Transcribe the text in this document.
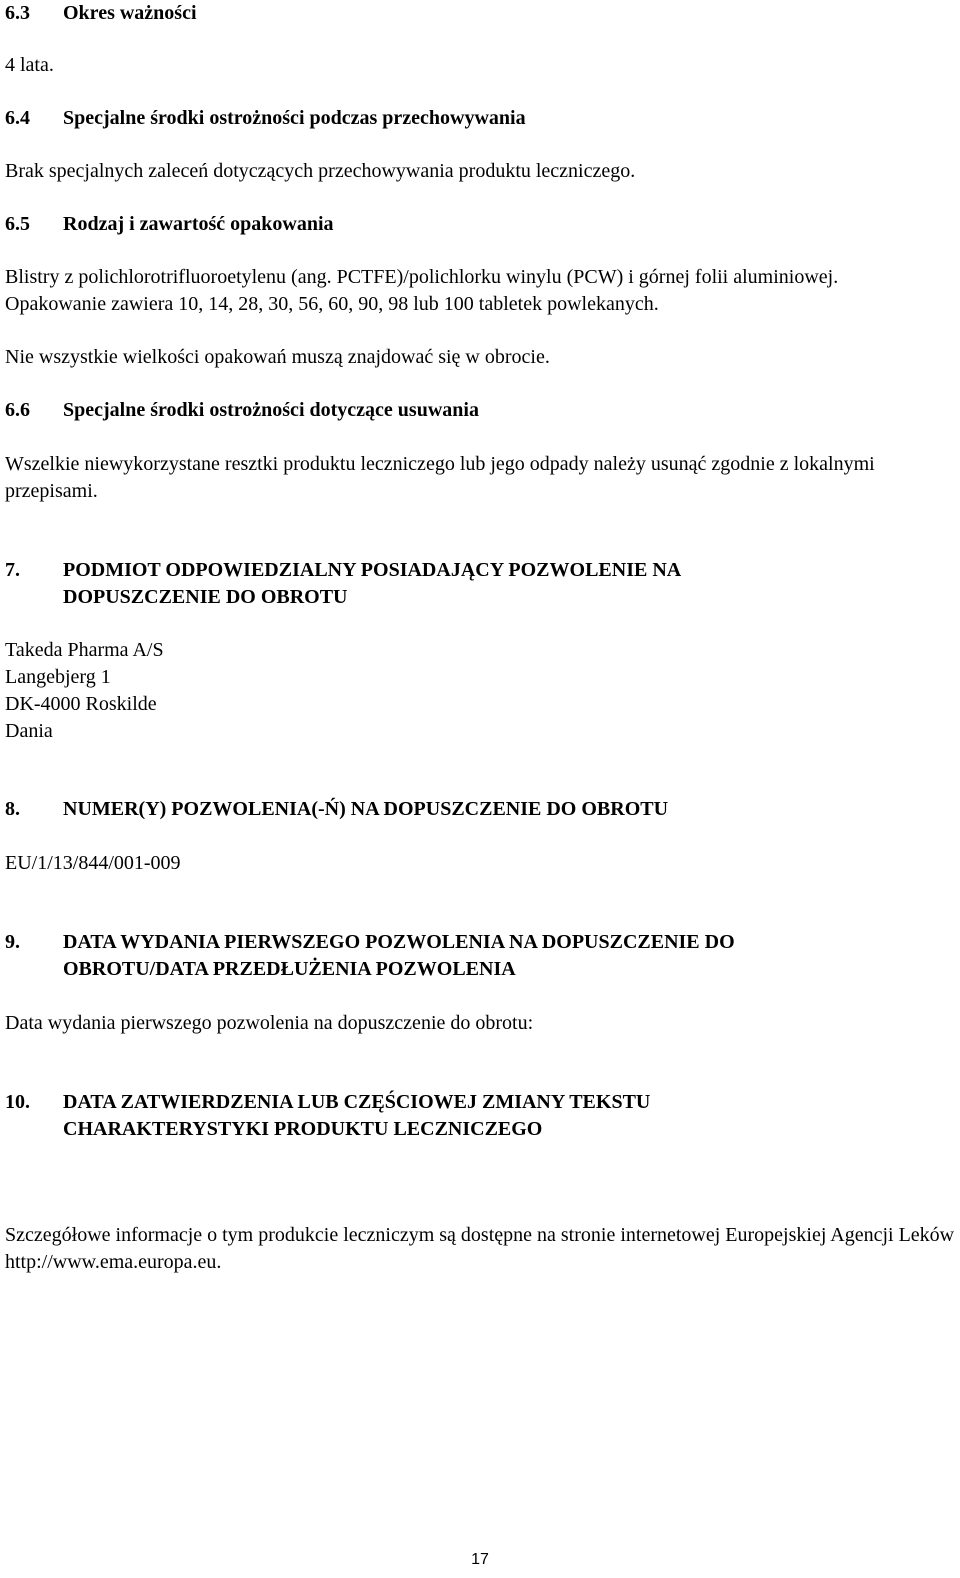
6.3 Okres ważności
4 lata.
6.4 Specjalne środki ostrożności podczas przechowywania
Brak specjalnych zaleceń dotyczących przechowywania produktu leczniczego.
6.5 Rodzaj i zawartość opakowania
Blistry z polichlorotrifluoroetylenu (ang. PCTFE)/polichlorku winylu (PCW) i górnej folii aluminiowej. Opakowanie zawiera 10, 14, 28, 30, 56, 60, 90, 98 lub 100 tabletek powlekanych.
Nie wszystkie wielkości opakowań muszą znajdować się w obrocie.
6.6 Specjalne środki ostrożności dotyczące usuwania
Wszelkie niewykorzystane resztki produktu leczniczego lub jego odpady należy usunąć zgodnie z lokalnymi przepisami.
7. PODMIOT ODPOWIEDZIALNY POSIADAJĄCY POZWOLENIE NA DOPUSZCZENIE DO OBROTU
Takeda Pharma A/S
Langebjerg 1
DK-4000 Roskilde
Dania
8. NUMER(Y) POZWOLENIA(-Ń) NA DOPUSZCZENIE DO OBROTU
EU/1/13/844/001-009
9. DATA WYDANIA PIERWSZEGO POZWOLENIA NA DOPUSZCZENIE DO OBROTU/DATA PRZEDŁUŻENIA POZWOLENIA
Data wydania pierwszego pozwolenia na dopuszczenie do obrotu:
10. DATA ZATWIERDZENIA LUB CZĘŚCIOWEJ ZMIANY TEKSTU CHARAKTERYSTYKI PRODUKTU LECZNICZEGO
Szczegółowe informacje o tym produkcie leczniczym są dostępne na stronie internetowej Europejskiej Agencji Leków http://www.ema.europa.eu.
17
